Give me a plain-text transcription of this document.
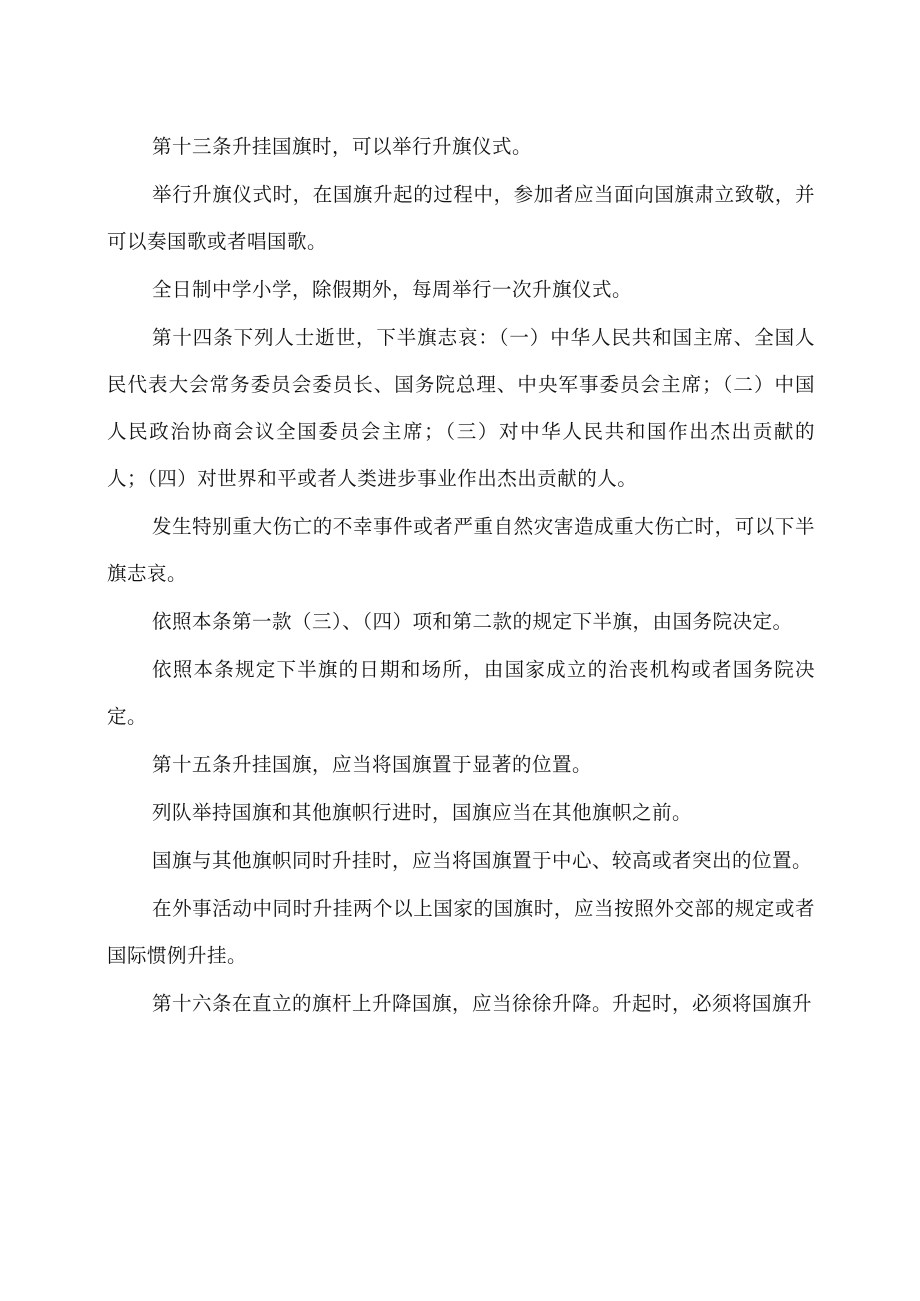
第十三条升挂国旗时，可以举行升旗仪式。

举行升旗仪式时，在国旗升起的过程中，参加者应当面向国旗肃立致敬，并可以奏国歌或者唱国歌。

全日制中学小学，除假期外，每周举行一次升旗仪式。

第十四条下列人士逝世，下半旗志哀：（一）中华人民共和国主席、全国人民代表大会常务委员会委员长、国务院总理、中央军事委员会主席；（二）中国人民政治协商会议全国委员会主席；（三）对中华人民共和国作出杰出贡献的人；（四）对世界和平或者人类进步事业作出杰出贡献的人。

发生特别重大伤亡的不幸事件或者严重自然灾害造成重大伤亡时，可以下半旗志哀。

依照本条第一款（三）、（四）项和第二款的规定下半旗，由国务院决定。

依照本条规定下半旗的日期和场所，由国家成立的治丧机构或者国务院决定。

第十五条升挂国旗，应当将国旗置于显著的位置。

列队举持国旗和其他旗帜行进时，国旗应当在其他旗帜之前。

国旗与其他旗帜同时升挂时，应当将国旗置于中心、较高或者突出的位置。

在外事活动中同时升挂两个以上国家的国旗时，应当按照外交部的规定或者国际惯例升挂。

第十六条在直立的旗杆上升降国旗，应当徐徐升降。升起时，必须将国旗升
